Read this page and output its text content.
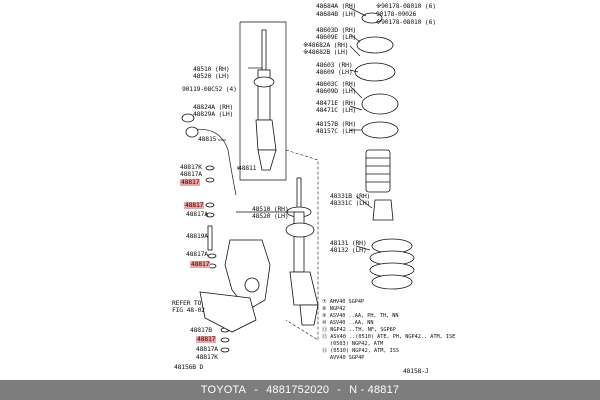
48684A (RH)
48684B (LH)
※90178-08010 (6)
90178-09026
※90178-08010 (6)
48603D (RH)
48609E (LH)
※48682A (RH)
※48682B (LH)
48603 (RH)
48609 (LH)
48603C (RH)
48609D (LH)
48471E (RH)
48471C (LH)
48157B (RH)
48157C (LH)
48331B (RH)
48331C (LH)
48131 (RH)
48132 (LH)
48510 (RH)
48520 (LH)
90119-08C52 (4)
48824A (RH)
48829A (LH)
48815
48817K
48817A
48817
48811
48817
48817A
48510 (RH)
48520 (LH)
48819A
48817A
48817
REFER TO
FIG 48-02
48817B
48817
48817A
48817K
48156B D	48158-J
⑦ AHV40 SGP4P
⑧ NGP42
⑨ ASV40 ..AA, PH, TH, NN
⑩ ASV40 ..AA, NN
⑪ NGP42 ..TH, NF, SGP6P
⑫ ASV40 ..(0510) ATE, PH, NGP42.. ATM, ISE
(0503) NGP42, ATM
⑬ (0510) NGP42, ATM, ISS
AVV40 SGP4P
TOYOTA - 4881752020 - N - 48817
